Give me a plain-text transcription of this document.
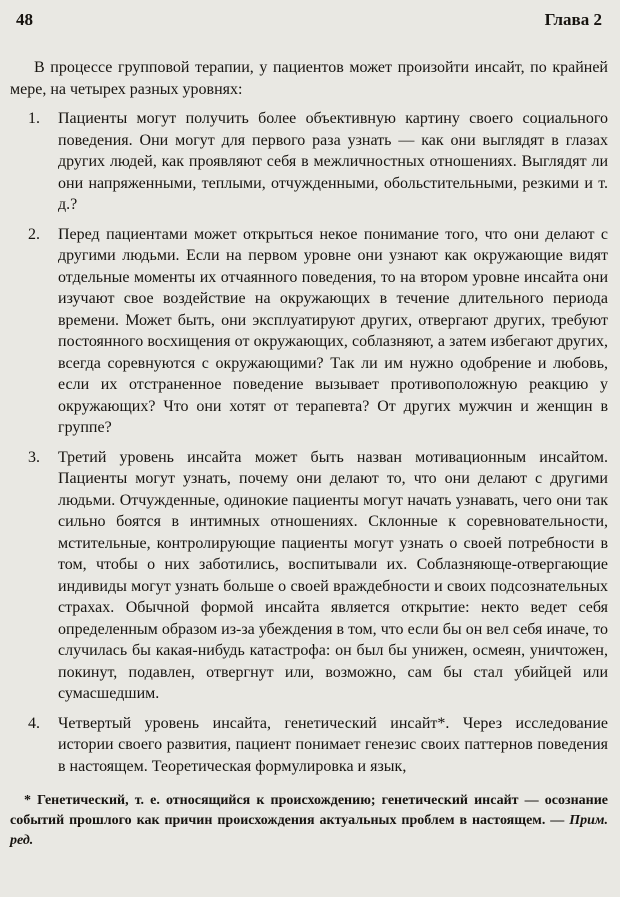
48	Глава 2

В процессе групповой терапии, у пациентов может произойти инсайт, по крайней мере, на четырех разных уровнях:

1.	Пациенты могут получить более объективную картину своего социального поведения. Они могут для первого раза узнать — как они выглядят в глазах других людей, как проявляют себя в межличностных отношениях. Выглядят ли они напряженными, теплыми, отчужденными, обольстительными, резкими и т. д.?
2.	Перед пациентами может открыться некое понимание того, что они делают с другими людьми. Если на первом уровне они узнают как окружающие видят отдельные моменты их отчаянного поведения, то на втором уровне инсайта они изучают свое воздействие на окружающих в течение длительного периода времени. Может быть, они эксплуатируют других, отвергают других, требуют постоянного восхищения от окружающих, соблазняют, а затем избегают других, всегда соревнуются с окружающими? Так ли им нужно одобрение и любовь, если их отстраненное поведение вызывает противоположную реакцию у окружающих? Что они хотят от терапевта? От других мужчин и женщин в группе?
3.	Третий уровень инсайта может быть назван мотивационным инсайтом. Пациенты могут узнать, почему они делают то, что они делают с другими людьми. Отчужденные, одинокие пациенты могут начать узнавать, чего они так сильно боятся в интимных отношениях. Склонные к соревновательности, мстительные, контролирующие пациенты могут узнать о своей потребности в том, чтобы о них заботились, воспитывали их. Соблазняюще-отвергающие индивиды могут узнать больше о своей враждебности и своих подсознательных страхах. Обычной формой инсайта является открытие: некто ведет себя определенным образом из-за убеждения в том, что если бы он вел себя иначе, то случилась бы какая-нибудь катастрофа: он был бы унижен, осмеян, уничтожен, покинут, подавлен, отвергнут или, возможно, сам бы стал убийцей или сумасшедшим.
4.	Четвертый уровень инсайта, генетический инсайт*. Через исследование истории своего развития, пациент понимает генезис своих паттернов поведения в настоящем. Теоретическая формулировка и язык,

* Генетический, т. е. относящийся к происхождению; генетический инсайт — осознание событий прошлого как причин происхождения актуальных проблем в настоящем. — Прим. ред.
